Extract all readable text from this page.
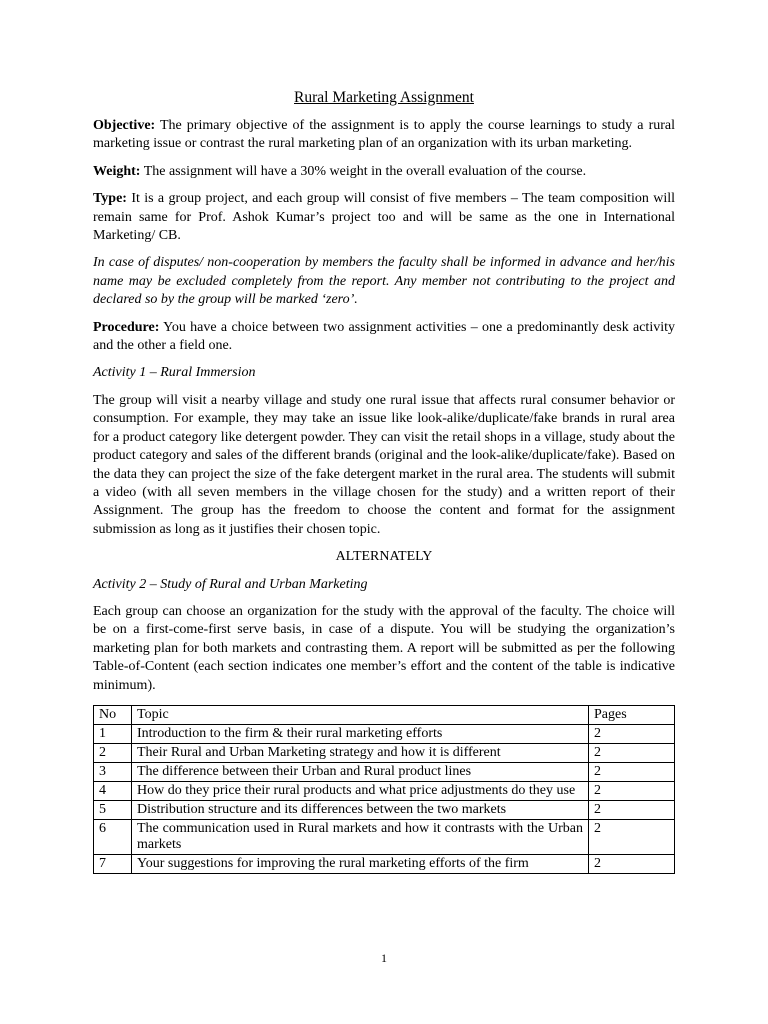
Rural Marketing Assignment

Objective: The primary objective of the assignment is to apply the course learnings to study a rural marketing issue or contrast the rural marketing plan of an organization with its urban marketing.

Weight: The assignment will have a 30% weight in the overall evaluation of the course.

Type: It is a group project, and each group will consist of five members – The team composition will remain same for Prof. Ashok Kumar’s project too and will be same as the one in International Marketing/ CB.

In case of disputes/ non-cooperation by members the faculty shall be informed in advance and her/his name may be excluded completely from the report. Any member not contributing to the project and declared so by the group will be marked ‘zero’.

Procedure: You have a choice between two assignment activities – one a predominantly desk activity and the other a field one.

Activity 1 – Rural Immersion

The group will visit a nearby village and study one rural issue that affects rural consumer behavior or consumption. For example, they may take an issue like look-alike/duplicate/fake brands in rural area for a product category like detergent powder. They can visit the retail shops in a village, study about the product category and sales of the different brands (original and the look-alike/duplicate/fake). Based on the data they can project the size of the fake detergent market in the rural area. The students will submit a video (with all seven members in the village chosen for the study) and a written report of their Assignment. The group has the freedom to choose the content and format for the assignment submission as long as it justifies their chosen topic.

ALTERNATELY

Activity 2 – Study of Rural and Urban Marketing

Each group can choose an organization for the study with the approval of the faculty. The choice will be on a first-come-first serve basis, in case of a dispute. You will be studying the organization’s marketing plan for both markets and contrasting them. A report will be submitted as per the following Table-of-Content (each section indicates one member’s effort and the content of the table is indicative minimum).

No	Topic	Pages
1	Introduction to the firm & their rural marketing efforts	2
2	Their Rural and Urban Marketing strategy and how it is different	2
3	The difference between their Urban and Rural product lines	2
4	How do they price their rural products and what price adjustments do they use	2
5	Distribution structure and its differences between the two markets	2
6	The communication used in Rural markets and how it contrasts with the Urban markets	2
7	Your suggestions for improving the rural marketing efforts of the firm	2
1
